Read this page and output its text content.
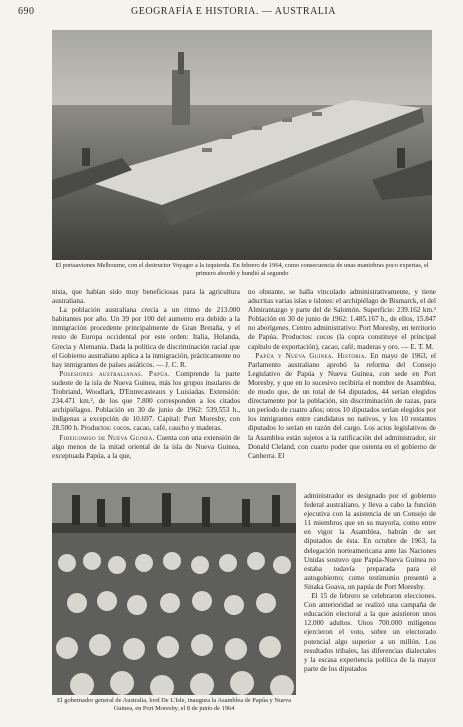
690	GEOGRAFÍA E HISTORIA. — AUSTRALIA
El portaaviones Melbourne, con el destructor Voyager a la izquierda. En febrero de 1964, como consecuencia de unas maniobras poco expertas, el primero abordó y hundió al segundo

nista, que habían sido muy beneficiosas para la agricultura australiana.

 La población australiana crecía a un ritmo de 213.000 habitantes por año. Un 39 por 100 del aumento era debido a la inmigración procedente principalmente de Gran Bretaña, y el resto de Europa occidental por este orden: Italia, Holanda, Grecia y Alemania. Dada la política de discriminación racial que el Gobierno australiano aplica a la inmigración, prácticamente no hay inmigrantes de países asiáticos. — J. C. R.

 Posesiones australianas. Papúa. Comprende la parte sudeste de la isla de Nueva Guinea, más los grupos insulares de Trobriand, Woodlark, D'Entrecasteaux y Luisiadas. Extensión: 234.471 km.², de los que 7.800 corresponden a los citados archipiélagos. Población en 30 de junio de 1962: 539.553 h., indígenas a excepción de 10.697. Capital: Port Moresby, con 28.500 h. Productos: cocos, cacao, café, caucho y maderas.

 Fideicomiso de Nueva Guinea. Cuenta con una extensión de algo menos de la mitad oriental de la isla de Nueva Guinea, exceptuada Papúa, a la que,

no obstante, se halla vinculado administrativamente, y tiene adscritas varias islas e islotes: el archipiélago de Bismarck, el del Almirantazgo y parte del de Salomón. Superficie: 239.162 km.² Población en 30 de junio de 1962: 1.485.167 h., de ellos, 15.847 no aborígenes. Centro administrativo: Port Moresby, en territorio de Papúa. Productos: cocos (la copra constituye el principal capítulo de exportación), cacao, café, maderas y oro. — E. T. M.

 Papúa y Nueva Guinea. Historia. En mayo de 1963, el Parlamento australiano aprobó la reforma del Consejo Legislativo de Papúa y Nueva Guinea, con sede en Port Moresby, y que en lo sucesivo recibiría el nombre de Asamblea, de modo que, de un total de 64 diputados, 44 serían elegidos directamente por la población, sin discriminación de razas, para un período de cuatro años; otros 10 diputados serían elegidos por los inmigrantes entre candidatos no nativos, y los 10 restantes diputados lo serían en razón del cargo. Los actos legislativos de la Asamblea están sujetos a la ratificación del administrador, sir Donald Cleland, con cuarto poder que ostenta en el gobierno de Canberra. El

administrador es designado por el gobierno federal australiano, y lleva a cabo la función ejecutiva con la asistencia de un Consejo de 11 miembros que en su mayoría, como entre en vigor la Asamblea, habrán de ser diputados de ésta. En octubre de 1963, la delegación norteamericana ante las Naciones Unidas sostuvo que Papúa-Nueva Guinea no estaba todavía preparada para el autogobierno; como testimonio presentó a Sinaka Goava, un papúa de Port Moresby.

 El 15 de febrero se celebraron elecciones. Con anterioridad se realizó una campaña de educación electoral a la que asistieron unos 12.000 adultos. Unos 700.000 milígenos ejercieron el voto, sobre un electorado potencial algo superior a un millón. Los resultados tribales, las diferencias dialectales y la escasa experiencia política de la mayor parte de los diputados

El gobernador general de Australia, lord De L'Isle, inaugura la Asamblea de Papúa y Nueva Guinea, en Port Moresby, el 8 de junio de 1964
